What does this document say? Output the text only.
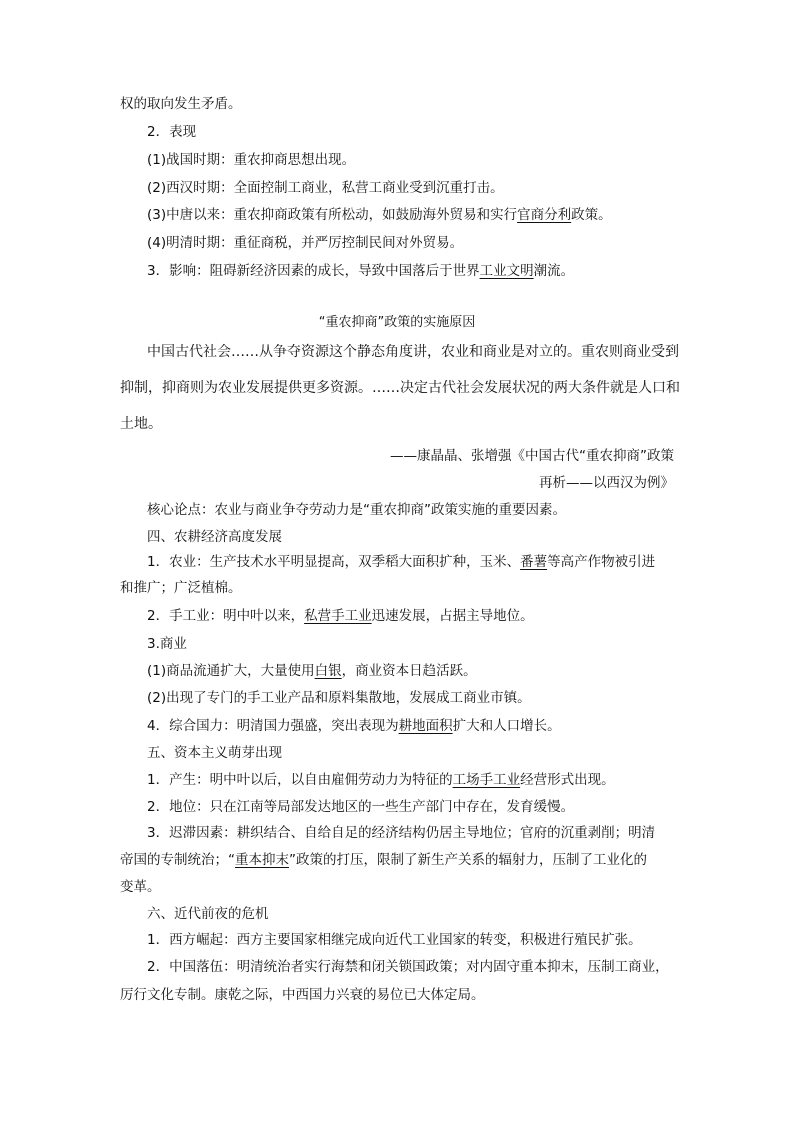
权的取向发生矛盾。
2．表现
(1)战国时期：重农抑商思想出现。
(2)西汉时期：全面控制工商业，私营工商业受到沉重打击。
(3)中唐以来：重农抑商政策有所松动，如鼓励海外贸易和实行官商分利政策。
(4)明清时期：重征商税，并严厉控制民间对外贸易。
3．影响：阻碍新经济因素的成长，导致中国落后于世界工业文明潮流。
“重农抑商”政策的实施原因
中国古代社会……从争夺资源这个静态角度讲，农业和商业是对立的。重农则商业受到
抑制，抑商则为农业发展提供更多资源。……决定古代社会发展状况的两大条件就是人口和
土地。
——康晶晶、张增强《中国古代“重农抑商”政策
再析——以西汉为例》
核心论点：农业与商业争夺劳动力是“重农抑商”政策实施的重要因素。
四、农耕经济高度发展
1．农业：生产技术水平明显提高，双季稻大面积扩种，玉米、番薯等高产作物被引进
和推广；广泛植棉。
2．手工业：明中叶以来，私营手工业迅速发展，占据主导地位。
3.商业
(1)商品流通扩大，大量使用白银，商业资本日趋活跃。
(2)出现了专门的手工业产品和原料集散地，发展成工商业市镇。
4．综合国力：明清国力强盛，突出表现为耕地面积扩大和人口增长。
五、资本主义萌芽出现
1．产生：明中叶以后，以自由雇佣劳动力为特征的工场手工业经营形式出现。
2．地位：只在江南等局部发达地区的一些生产部门中存在，发育缓慢。
3．迟滞因素：耕织结合、自给自足的经济结构仍居主导地位；官府的沉重剥削；明清
帝国的专制统治；“重本抑末”政策的打压，限制了新生产关系的辐射力，压制了工业化的
变革。
六、近代前夜的危机
1．西方崛起：西方主要国家相继完成向近代工业国家的转变，积极进行殖民扩张。
2．中国落伍：明清统治者实行海禁和闭关锁国政策；对内固守重本抑末，压制工商业，
厉行文化专制。康乾之际，中西国力兴衰的易位已大体定局。
